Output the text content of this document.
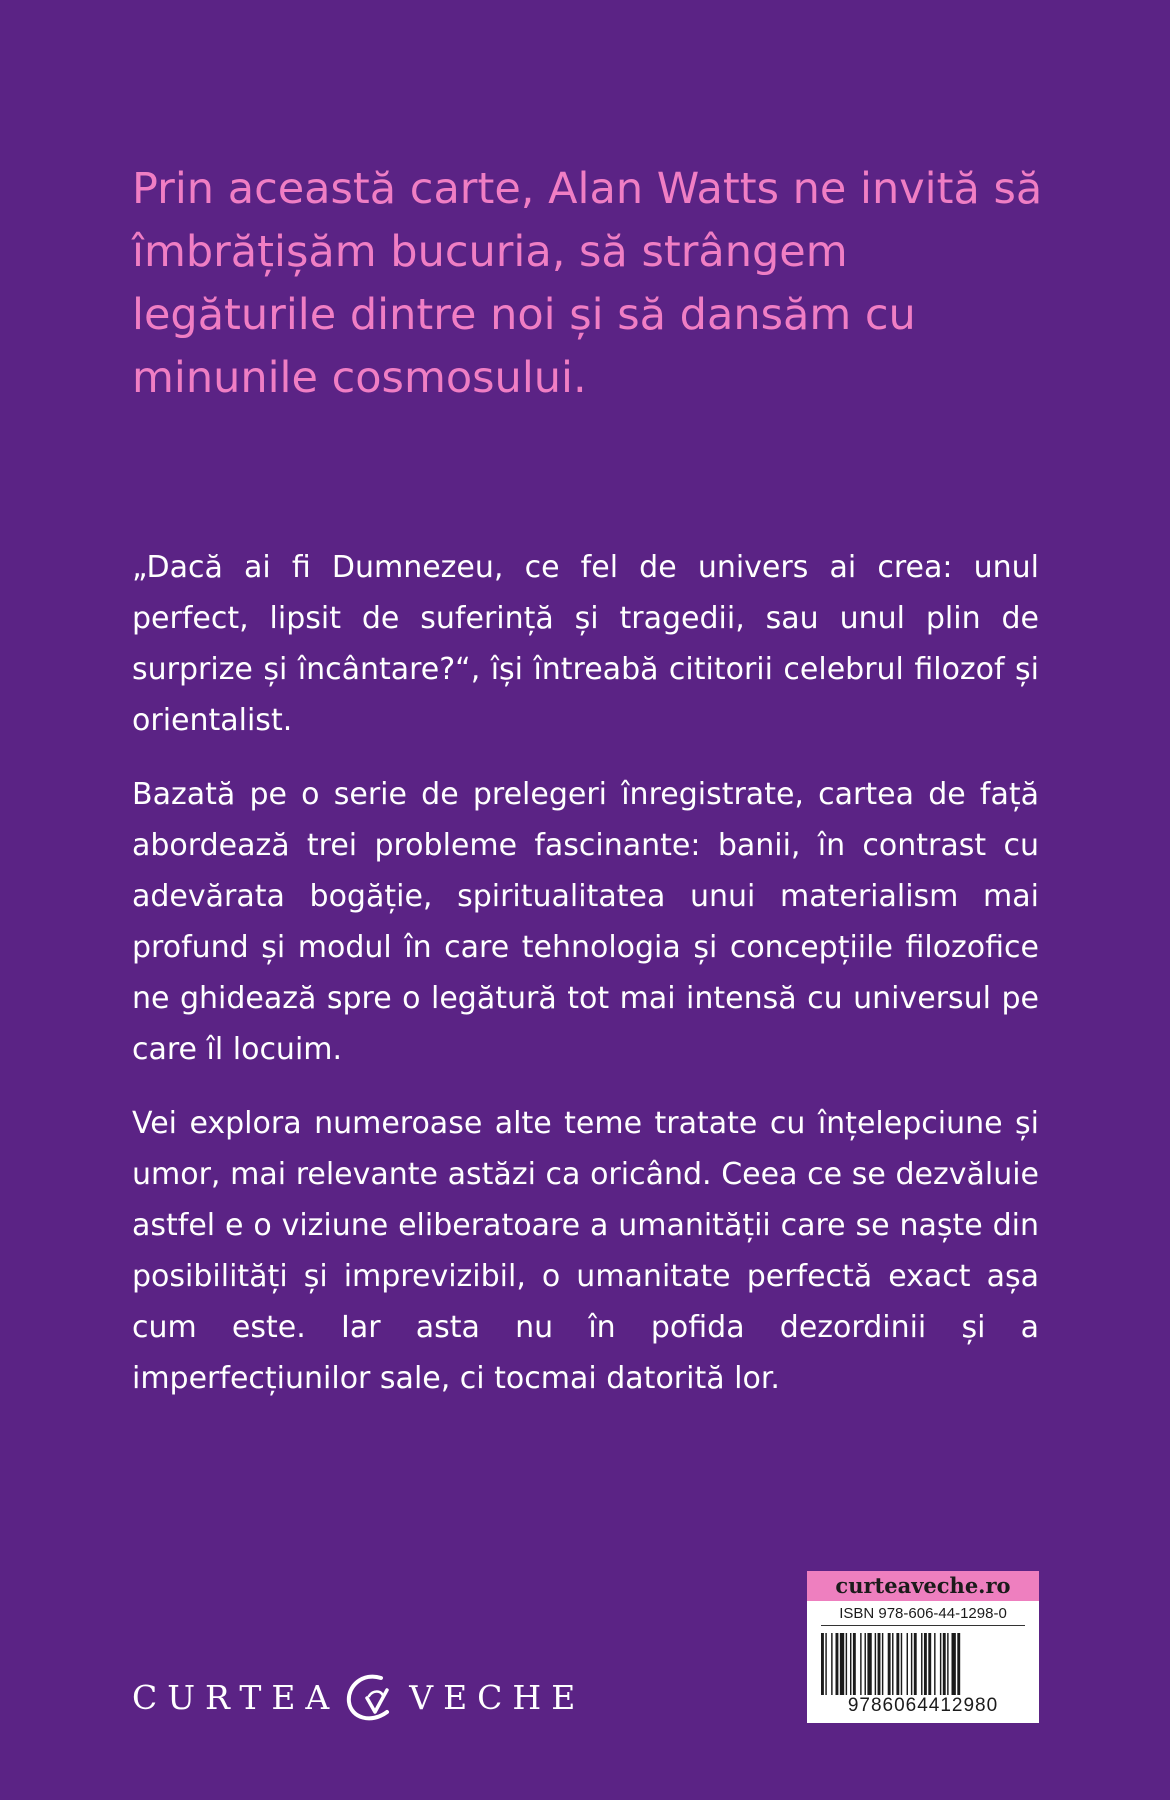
Prin această carte, Alan Watts ne invită să îmbrățișăm bucuria, să strângem legăturile dintre noi și să dansăm cu minunile cosmosului.

„Dacă ai fi Dumnezeu, ce fel de univers ai crea: unul perfect, lipsit de suferință și tragedii, sau unul plin de surprize și încântare?“, își întreabă cititorii celebrul filozof și orientalist.

Bazată pe o serie de prelegeri înregistrate, cartea de față abordează trei probleme fascinante: banii, în contrast cu adevărata bogăție, spiritualitatea unui materialism mai profund și modul în care tehnologia și concepțiile filozofice ne ghidează spre o legătură tot mai intensă cu universul pe care îl locuim.

Vei explora numeroase alte teme tratate cu înțelepciune și umor, mai relevante astăzi ca oricând. Ceea ce se dezvăluie astfel e o viziune eliberatoare a umanității care se naște din posibilități și imprevizibil, o umanitate perfectă exact așa cum este. Iar asta nu în pofida dezordinii și a imperfecțiunilor sale, ci tocmai datorită lor.

CURTEA VECHE
curteaveche.ro
ISBN 978-606-44-1298-0
9786064412980
